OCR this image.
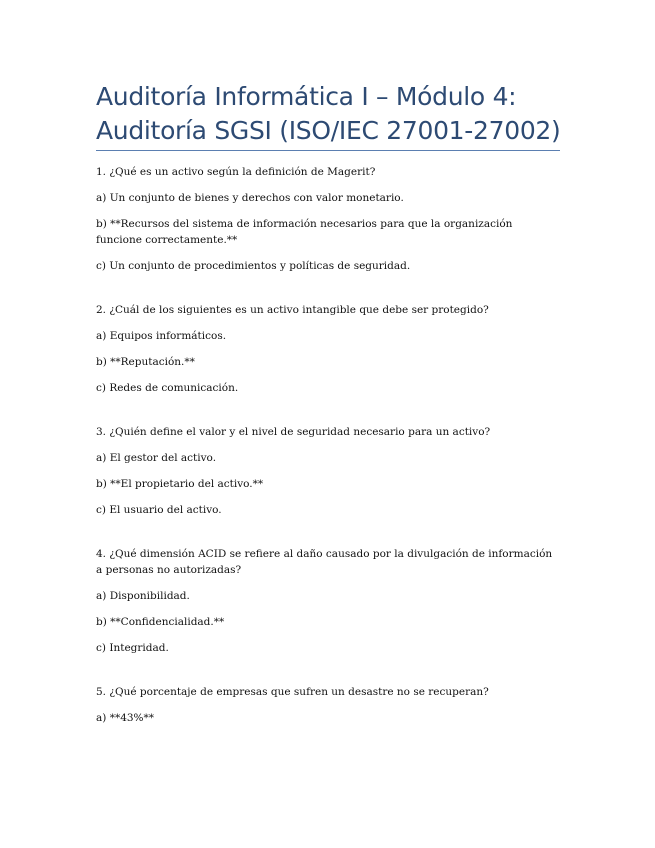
Auditoría Informática I – Módulo 4:
Auditoría SGSI (ISO/IEC 27001-27002)
1. ¿Qué es un activo según la definición de Magerit?
a) Un conjunto de bienes y derechos con valor monetario.
b) **Recursos del sistema de información necesarios para que la organización funcione correctamente.**
c) Un conjunto de procedimientos y políticas de seguridad.
2. ¿Cuál de los siguientes es un activo intangible que debe ser protegido?
a) Equipos informáticos.
b) **Reputación.**
c) Redes de comunicación.
3. ¿Quién define el valor y el nivel de seguridad necesario para un activo?
a) El gestor del activo.
b) **El propietario del activo.**
c) El usuario del activo.
4. ¿Qué dimensión ACID se refiere al daño causado por la divulgación de información a personas no autorizadas?
a) Disponibilidad.
b) **Confidencialidad.**
c) Integridad.
5. ¿Qué porcentaje de empresas que sufren un desastre no se recuperan?
a) **43%**
